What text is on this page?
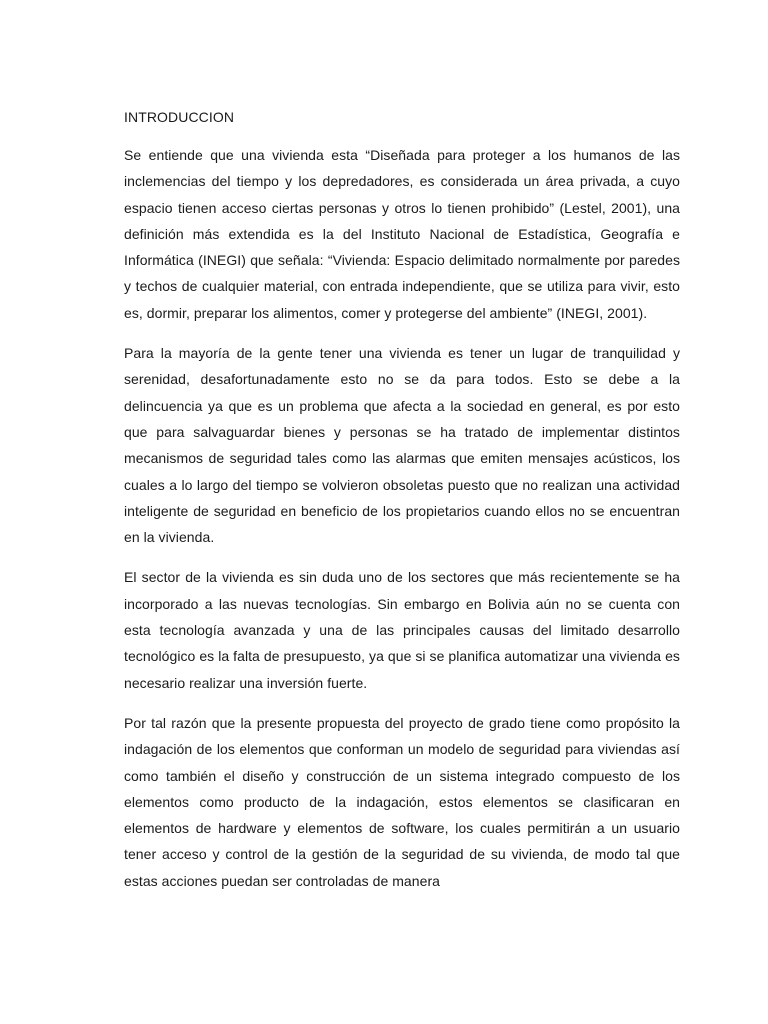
INTRODUCCION

Se entiende que una vivienda esta “Diseñada para proteger a los humanos de las inclemencias del tiempo y los depredadores, es considerada un área privada, a cuyo espacio tienen acceso ciertas personas y otros lo tienen prohibido” (Lestel, 2001), una definición más extendida es la del Instituto Nacional de Estadística, Geografía e Informática (INEGI) que señala: “Vivienda: Espacio delimitado normalmente por paredes y techos de cualquier material, con entrada independiente, que se utiliza para vivir, esto es, dormir, preparar los alimentos, comer y protegerse del ambiente” (INEGI, 2001).

Para la mayoría de la gente tener una vivienda es tener un lugar de tranquilidad y serenidad, desafortunadamente esto no se da para todos. Esto se debe a la delincuencia ya que es un problema que afecta a la sociedad en general, es por esto que para salvaguardar bienes y personas se ha tratado de implementar distintos mecanismos de seguridad tales como las alarmas que emiten mensajes acústicos, los cuales a lo largo del tiempo se volvieron obsoletas puesto que no realizan una actividad inteligente de seguridad en beneficio de los propietarios cuando ellos no se encuentran en la vivienda.

El sector de la vivienda es sin duda uno de los sectores que más recientemente se ha incorporado a las nuevas tecnologías. Sin embargo en Bolivia aún no se cuenta con esta tecnología avanzada y una de las principales causas del limitado desarrollo tecnológico es la falta de presupuesto, ya que si se planifica automatizar una vivienda es necesario realizar una inversión fuerte.

Por tal razón que la presente propuesta del proyecto de grado tiene como propósito la indagación de los elementos que conforman un modelo de seguridad para viviendas así como también el diseño y construcción de un sistema integrado compuesto de los elementos como producto de la indagación, estos elementos se clasificaran en elementos de hardware y elementos de software, los cuales permitirán a un usuario tener acceso y control de la gestión de la seguridad de su vivienda, de modo tal que estas acciones puedan ser controladas de manera
